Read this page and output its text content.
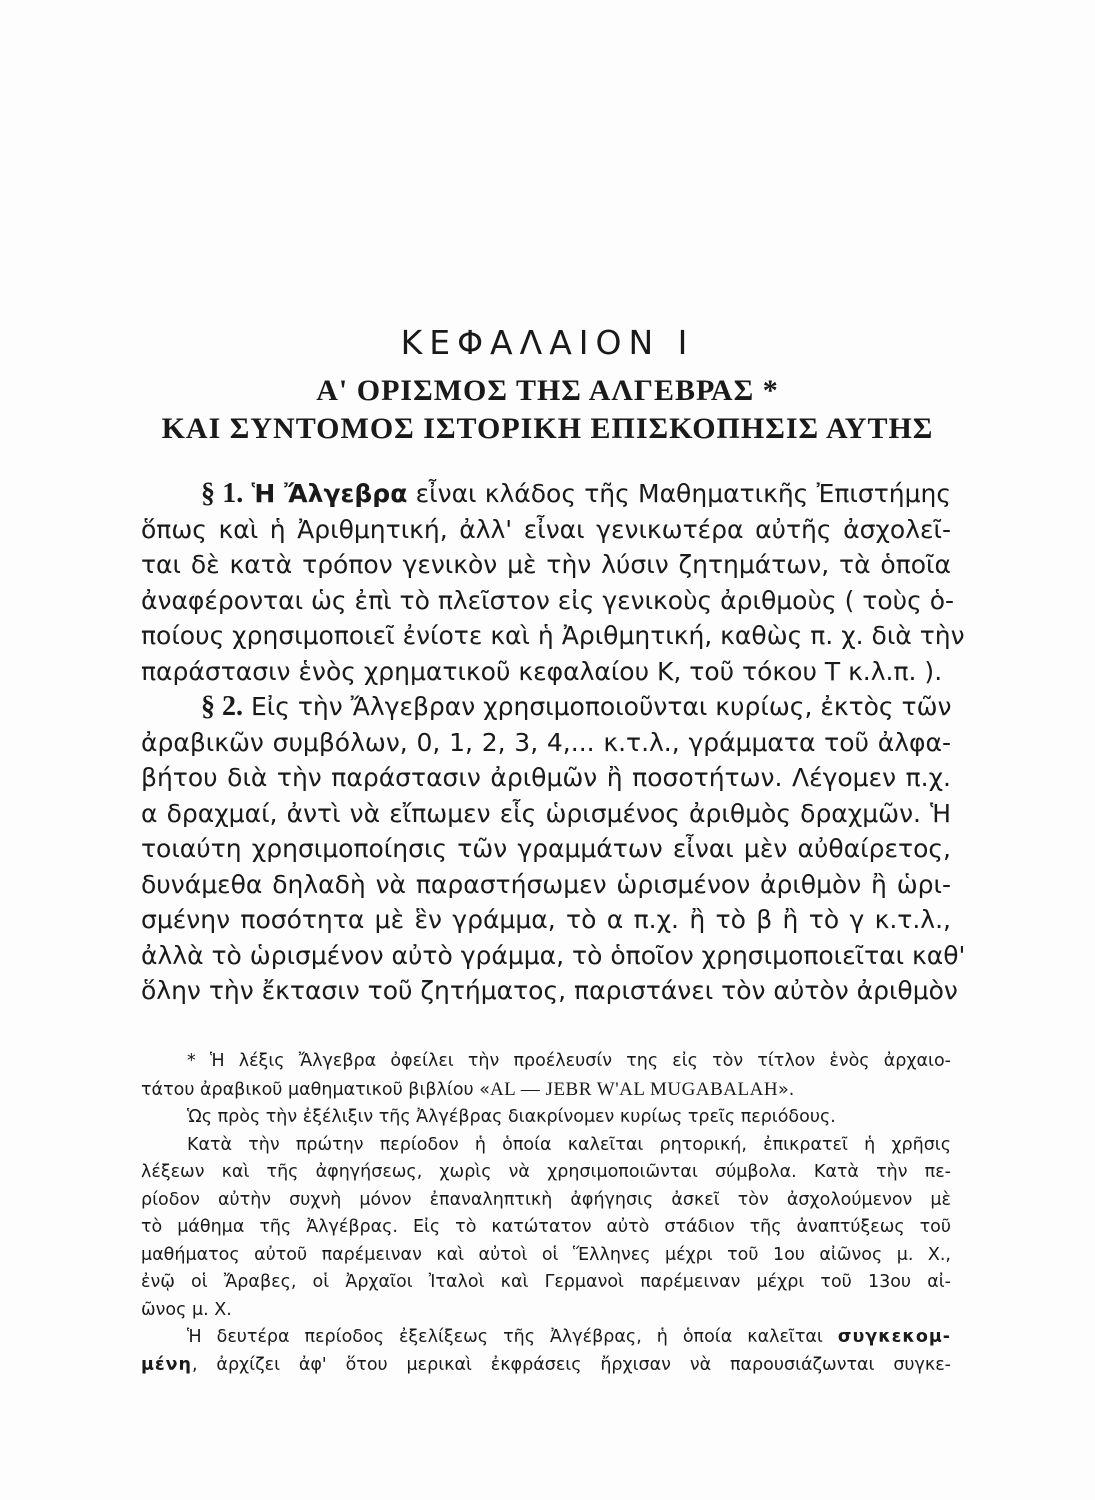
ΚΕΦΑΛΑΙΟΝ Ι
Α' ΟΡΙΣΜΟΣ ΤΗΣ ΑΛΓΕΒΡΑΣ *
ΚΑΙ ΣΥΝΤΟΜΟΣ ΙΣΤΟΡΙΚΗ ΕΠΙΣΚΟΠΗΣΙΣ ΑΥΤΗΣ
§ 1. Ἡ Ἄλγεβρα εἶναι κλάδος τῆς Μαθηματικῆς Ἐπιστήμης
ὅπως καὶ ἡ Ἀριθμητική, ἀλλ' εἶναι γενικωτέρα αὐτῆς ἀσχολεῖ-
ται δὲ κατὰ τρόπον γενικὸν μὲ τὴν λύσιν ζητημάτων, τὰ ὁποῖα
ἀναφέρονται ὡς ἐπὶ τὸ πλεῖστον εἰς γενικοὺς ἀριθμοὺς ( τοὺς ὁ-
ποίους χρησιμοποιεῖ ἐνίοτε καὶ ἡ Ἀριθμητική, καθὼς π. χ. διὰ τὴν
παράστασιν ἑνὸς χρηματικοῦ κεφαλαίου Κ, τοῦ τόκου Τ κ.λ.π. ).
§ 2. Εἰς τὴν Ἄλγεβραν χρησιμοποιοῦνται κυρίως, ἐκτὸς τῶν
ἀραβικῶν συμβόλων, 0, 1, 2, 3, 4,... κ.τ.λ., γράμματα τοῦ ἀλφα-
βήτου διὰ τὴν παράστασιν ἀριθμῶν ἢ ποσοτήτων. Λέγομεν π.χ.
α δραχμαί, ἀντὶ νὰ εἴπωμεν εἷς ὡρισμένος ἀριθμὸς δραχμῶν. Ἡ
τοιαύτη χρησιμοποίησις τῶν γραμμάτων εἶναι μὲν αὐθαίρετος,
δυνάμεθα δηλαδὴ νὰ παραστήσωμεν ὡρισμένον ἀριθμὸν ἢ ὡρι-
σμένην ποσότητα μὲ ἓν γράμμα, τὸ α π.χ. ἢ τὸ β ἢ τὸ γ κ.τ.λ.,
ἀλλὰ τὸ ὡρισμένον αὐτὸ γράμμα, τὸ ὁποῖον χρησιμοποιεῖται καθ'
ὅλην τὴν ἔκτασιν τοῦ ζητήματος, παριστάνει τὸν αὐτὸν ἀριθμὸν
* Ἡ λέξις Ἄλγεβρα ὀφείλει τὴν προέλευσίν της εἰς τὸν τίτλον ἑνὸς ἀρχαιο-
τάτου ἀραβικοῦ μαθηματικοῦ βιβλίου «AL — JEBR W'AL MUGABALAH».
Ὡς πρὸς τὴν ἐξέλιξιν τῆς Ἀλγέβρας διακρίνομεν κυρίως τρεῖς περιόδους.
Κατὰ τὴν πρώτην περίοδον ἡ ὁποία καλεῖται ρητορική, ἐπικρατεῖ ἡ χρῆσις
λέξεων καὶ τῆς ἀφηγήσεως, χωρὶς νὰ χρησιμοποιῶνται σύμβολα. Κατὰ τὴν πε-
ρίοδον αὐτὴν συχνὴ μόνον ἐπαναληπτικὴ ἀφήγησις ἀσκεῖ τὸν ἀσχολούμενον μὲ
τὸ μάθημα τῆς Ἀλγέβρας. Εἰς τὸ κατώτατον αὐτὸ στάδιον τῆς ἀναπτύξεως τοῦ
μαθήματος αὐτοῦ παρέμειναν καὶ αὐτοὶ οἱ Ἕλληνες μέχρι τοῦ 1ου αἰῶνος μ. Χ.,
ἐνῷ οἱ Ἄραβες, οἱ Ἀρχαῖοι Ἰταλοὶ καὶ Γερμανοὶ παρέμειναν μέχρι τοῦ 13ου αἰ-
ῶνος μ. Χ.
Ἡ δευτέρα περίοδος ἐξελίξεως τῆς Ἀλγέβρας, ἡ ὁποία καλεῖται συγκεκομ-
μένη, ἀρχίζει ἀφ' ὅτου μερικαὶ ἐκφράσεις ἤρχισαν νὰ παρουσιάζωνται συγκε-
